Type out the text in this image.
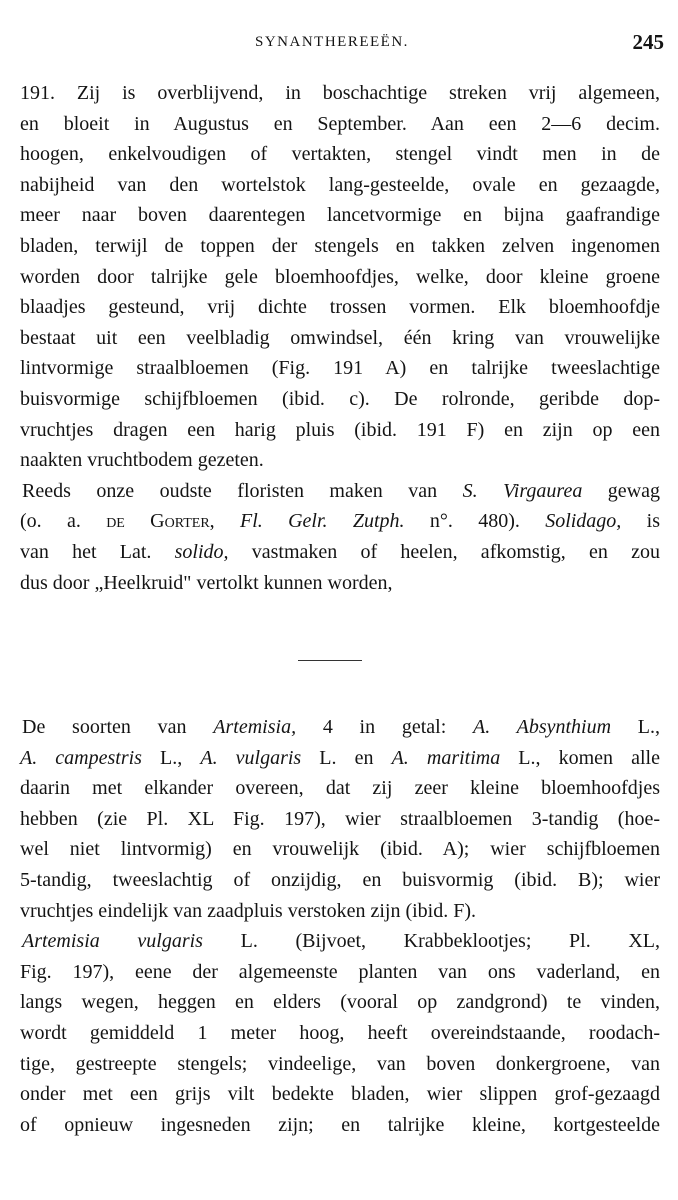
SYNANTHEREEËN.	245
191. Zij is overblijvend, in boschachtige streken vrij algemeen,
en bloeit in Augustus en September. Aan een 2—6 decim.
hoogen, enkelvoudigen of vertakten, stengel vindt men in de
nabijheid van den wortelstok lang-gesteelde, ovale en gezaagde,
meer naar boven daarentegen lancetvormige en bijna gaafrandige
bladen, terwijl de toppen der stengels en takken zelven ingenomen
worden door talrijke gele bloemhoofdjes, welke, door kleine groene
blaadjes gesteund, vrij dichte trossen vormen. Elk bloemhoofdje
bestaat uit een veelbladig omwindsel, één kring van vrouwelijke
lintvormige straalbloemen (Fig. 191 A) en talrijke tweeslachtige
buisvormige schijfbloemen (ibid. c). De rolronde, geribde dop-
vruchtjes dragen een harig pluis (ibid. 191 F) en zijn op een
naakten vruchtbodem gezeten.
Reeds onze oudste floristen maken van S. Virgaurea gewag
(o. a. de Gorter, Fl. Gelr. Zutph. n°. 480). Solidago, is
van het Lat. solido, vastmaken of heelen, afkomstig, en zou
dus door „Heelkruid" vertolkt kunnen worden,
De soorten van Artemisia, 4 in getal: A. Absynthium L.,
A. campestris L., A. vulgaris L. en A. maritima L., komen alle
daarin met elkander overeen, dat zij zeer kleine bloemhoofdjes
hebben (zie Pl. XL Fig. 197), wier straalbloemen 3-tandig (hoe-
wel niet lintvormig) en vrouwelijk (ibid. A); wier schijfbloemen
5-tandig, tweeslachtig of onzijdig, en buisvormig (ibid. B); wier
vruchtjes eindelijk van zaadpluis verstoken zijn (ibid. F).
Artemisia vulgaris L. (Bijvoet, Krabbeklootjes; Pl. XL,
Fig. 197), eene der algemeenste planten van ons vaderland, en
langs wegen, heggen en elders (vooral op zandgrond) te vinden,
wordt gemiddeld 1 meter hoog, heeft overeindstaande, roodach-
tige, gestreepte stengels; vindeelige, van boven donkergroene, van
onder met een grijs vilt bedekte bladen, wier slippen grof-gezaagd
of opnieuw ingesneden zijn; en talrijke kleine, kortgesteelde
